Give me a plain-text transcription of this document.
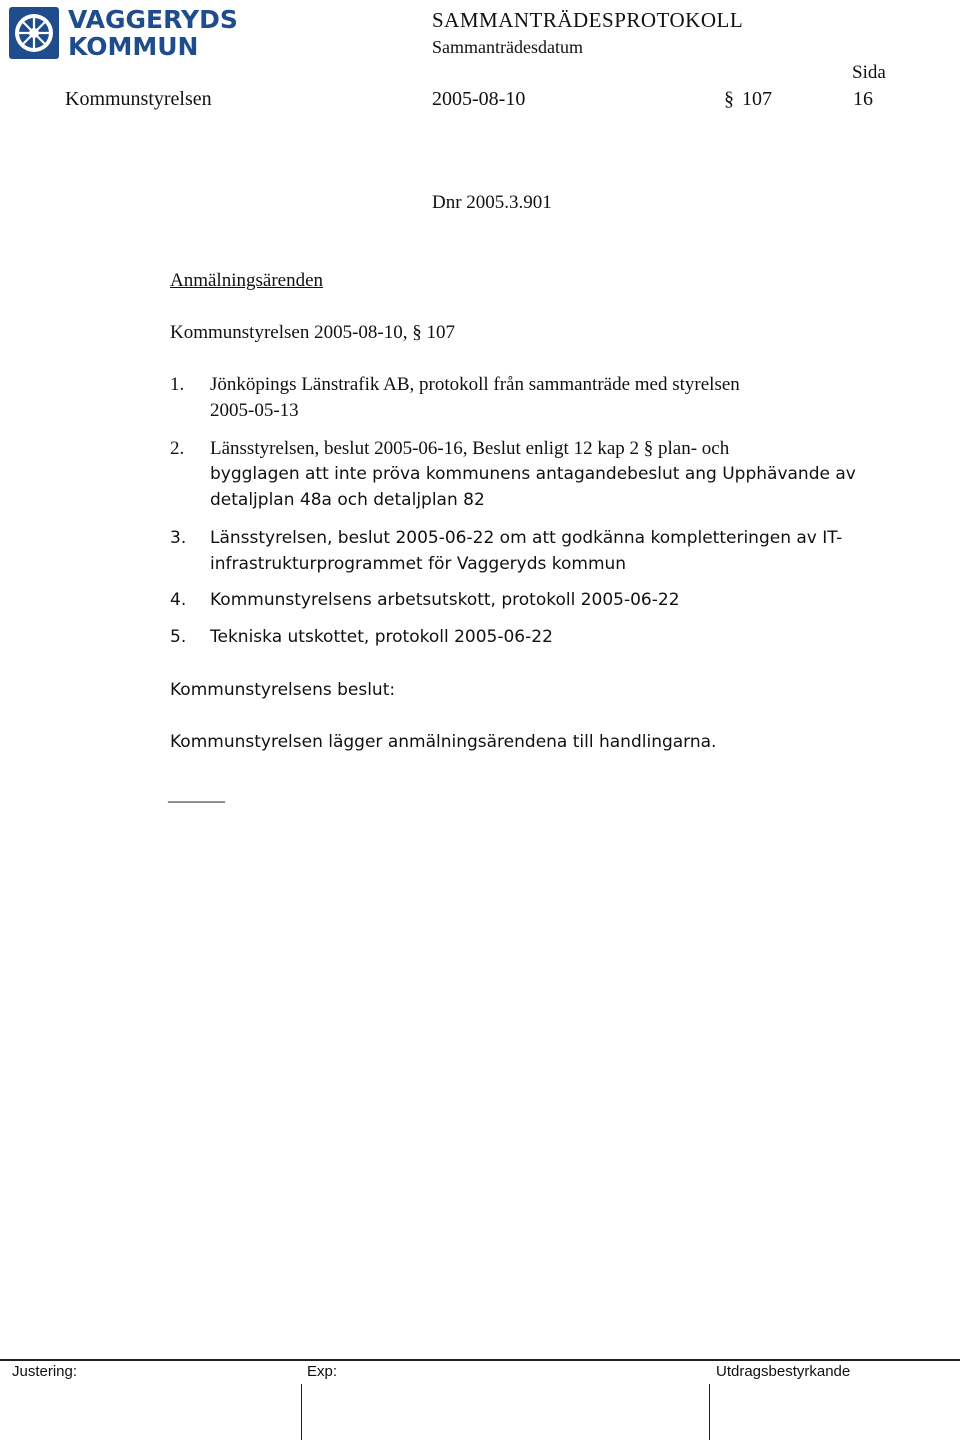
VAGGERYDS
KOMMUN
SAMMANTRÄDESPROTOKOLL
Sammanträdesdatum
Sida
Kommunstyrelsen	2005-08-10	§ 107	16
Dnr 2005.3.901
Anmälningsärenden
Kommunstyrelsen 2005-08-10, § 107
1. Jönköpings Länstrafik AB, protokoll från sammanträde med styrelsen
2005-05-13
2. Länsstyrelsen, beslut 2005-06-16, Beslut enligt 12 kap 2 § plan- och
bygglagen att inte pröva kommunens antagandebeslut ang Upphävande av
detaljplan 48a och detaljplan 82
3. Länsstyrelsen, beslut 2005-06-22 om att godkänna kompletteringen av IT-
infrastrukturprogrammet för Vaggeryds kommun
4. Kommunstyrelsens arbetsutskott, protokoll 2005-06-22
5. Tekniska utskottet, protokoll 2005-06-22
Kommunstyrelsens beslut:
Kommunstyrelsen lägger anmälningsärendena till handlingarna.
______
Justering:	Exp:	Utdragsbestyrkande
